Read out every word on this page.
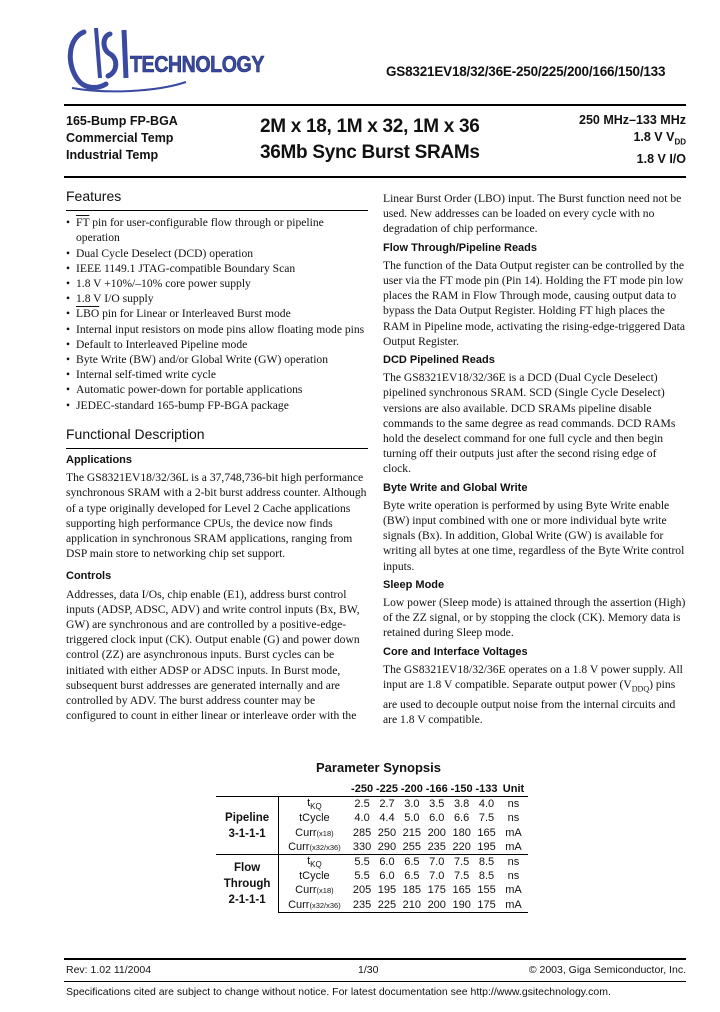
TECHNOLOGY	GS8321EV18/32/36E-250/225/200/166/150/133
165-Bump FP-BGA
Commercial Temp
Industrial Temp
2M x 18, 1M x 32, 1M x 36
36Mb Sync Burst SRAMs
250 MHz–133 MHz
1.8 V $V_{DD}$
1.8 V I/O
Features
• $\overline{FT}$ pin for user-configurable flow through or pipeline operation
• Dual Cycle Deselect (DCD) operation
• IEEE 1149.1 JTAG-compatible Boundary Scan
• 1.8 V +10%/–10% core power supply
• 1.8 V I/O supply
• $\overline{LBO}$ pin for Linear or Interleaved Burst mode
• Internal input resistors on mode pins allow floating mode pins
• Default to Interleaved Pipeline mode
• Byte Write (BW) and/or Global Write (GW) operation
• Internal self-timed write cycle
• Automatic power-down for portable applications
• JEDEC-standard 165-bump FP-BGA package
Functional Description
Applications

The GS8321EV18/32/36L is a 37,748,736-bit high performance synchronous SRAM with a 2-bit burst address counter. Although of a type originally developed for Level 2 Cache applications supporting high performance CPUs, the device now finds application in synchronous SRAM applications, ranging from DSP main store to networking chip set support.

Controls

Addresses, data I/Os, chip enable (E1), address burst control inputs (ADSP, ADSC, ADV) and write control inputs (Bx, BW, GW) are synchronous and are controlled by a positive-edge-triggered clock input (CK). Output enable (G) and power down control (ZZ) are asynchronous inputs. Burst cycles can be initiated with either ADSP or ADSC inputs. In Burst mode, subsequent burst addresses are generated internally and are controlled by ADV. The burst address counter may be configured to count in either linear or interleave order with the

Linear Burst Order (LBO) input. The Burst function need not be used. New addresses can be loaded on every cycle with no degradation of chip performance.

Flow Through/Pipeline Reads

The function of the Data Output register can be controlled by the user via the FT mode pin (Pin 14). Holding the FT mode pin low places the RAM in Flow Through mode, causing output data to bypass the Data Output Register. Holding FT high places the RAM in Pipeline mode, activating the rising-edge-triggered Data Output Register.

DCD Pipelined Reads

The GS8321EV18/32/36E is a DCD (Dual Cycle Deselect) pipelined synchronous SRAM. SCD (Single Cycle Deselect) versions are also available. DCD SRAMs pipeline disable commands to the same degree as read commands. DCD RAMs hold the deselect command for one full cycle and then begin turning off their outputs just after the second rising edge of clock.

Byte Write and Global Write

Byte write operation is performed by using Byte Write enable (BW) input combined with one or more individual byte write signals (Bx). In addition, Global Write (GW) is available for writing all bytes at one time, regardless of the Byte Write control inputs.

Sleep Mode

Low power (Sleep mode) is attained through the assertion (High) of the ZZ signal, or by stopping the clock (CK). Memory data is retained during Sleep mode.

Core and Interface Voltages

The GS8321EV18/32/36E operates on a 1.8 V power supply. All input are 1.8 V compatible. Separate output power $(V_{DDQ})$ pins are used to decouple output noise from the internal circuits and are 1.8 V compatible.

Parameter Synopsis
		-250	-225	-200	-166	-150	-133	Unit

Pipeline
3-1-1-1	$t_{KQ}$	2.5	2.7	3.0	3.5	3.8	4.0	ns
	tCycle	4.0	4.4	5.0	6.0	6.6	7.5	ns
	Curr(x18)	285	250	215	200	180	165	mA
	Curr(x32/x36)	330	290	255	235	220	195	mA

Flow
Through
2-1-1-1	$t_{KQ}$	5.5	6.0	6.5	7.0	7.5	8.5	ns
	tCycle	5.5	6.0	6.5	7.0	7.5	8.5	ns
	Curr(x18)	205	195	185	175	165	155	mA
	Curr(x32/x36)	235	225	210	200	190	175	mA
Rev: 1.02 11/2004	1/30	© 2003, Giga Semiconductor, Inc.
Specifications cited are subject to change without notice. For latest documentation see http://www.gsitechnology.com.
